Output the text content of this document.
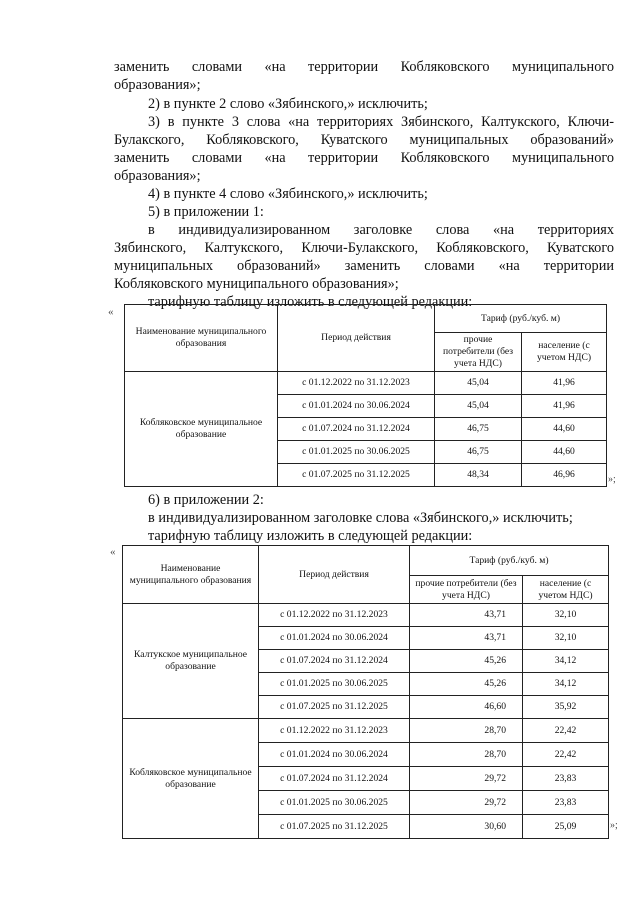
заменить словами «на территории Кобляковского муниципального

образования»;

2) в пункте 2 слово «Зябинского,» исключить;

3) в пункте 3 слова «на территориях Зябинского, Калтукского, Ключи-

Булакского, Кобляковского, Куватского муниципальных образований»

заменить словами «на территории Кобляковского муниципального

образования»;

4) в пункте 4 слово «Зябинского,» исключить;

5) в приложении 1:

в индивидуализированном заголовке слова «на территориях

Зябинского, Калтукского, Ключи-Булакского, Кобляковского, Куватского

муниципальных образований» заменить словами «на территории

Кобляковского муниципального образования»;

тарифную таблицу изложить в следующей редакции:

«
Наименование муниципального образования	Период действия	Тариф (руб./куб. м)	
		прочие потребители (без учета НДС)	население (с учетом НДС)
Кобляковское муниципальное образование	с 01.12.2022 по 31.12.2023	45,04	41,96
	с 01.01.2024 по 30.06.2024	45,04	41,96
	с 01.07.2024 по 31.12.2024	46,75	44,60
	с 01.01.2025 по 30.06.2025	46,75	44,60
	с 01.07.2025 по 31.12.2025	48,34	46,96	»;

6) в приложении 2:

в индивидуализированном заголовке слова «Зябинского,» исключить;

тарифную таблицу изложить в следующей редакции:

«
Наименование муниципального образования	Период действия	Тариф (руб./куб. м)	
		прочие потребители (без учета НДС)	население (с учетом НДС)
Калтукское муниципальное образование	с 01.12.2022 по 31.12.2023	43,71	32,10
	с 01.01.2024 по 30.06.2024	43,71	32,10
	с 01.07.2024 по 31.12.2024	45,26	34,12
	с 01.01.2025 по 30.06.2025	45,26	34,12
	с 01.07.2025 по 31.12.2025	46,60	35,92
Кобляковское муниципальное образование	с 01.12.2022 по 31.12.2023	28,70	22,42
	с 01.01.2024 по 30.06.2024	28,70	22,42
	с 01.07.2024 по 31.12.2024	29,72	23,83
	с 01.01.2025 по 30.06.2025	29,72	23,83
	с 01.07.2025 по 31.12.2025	30,60	25,09	»;
